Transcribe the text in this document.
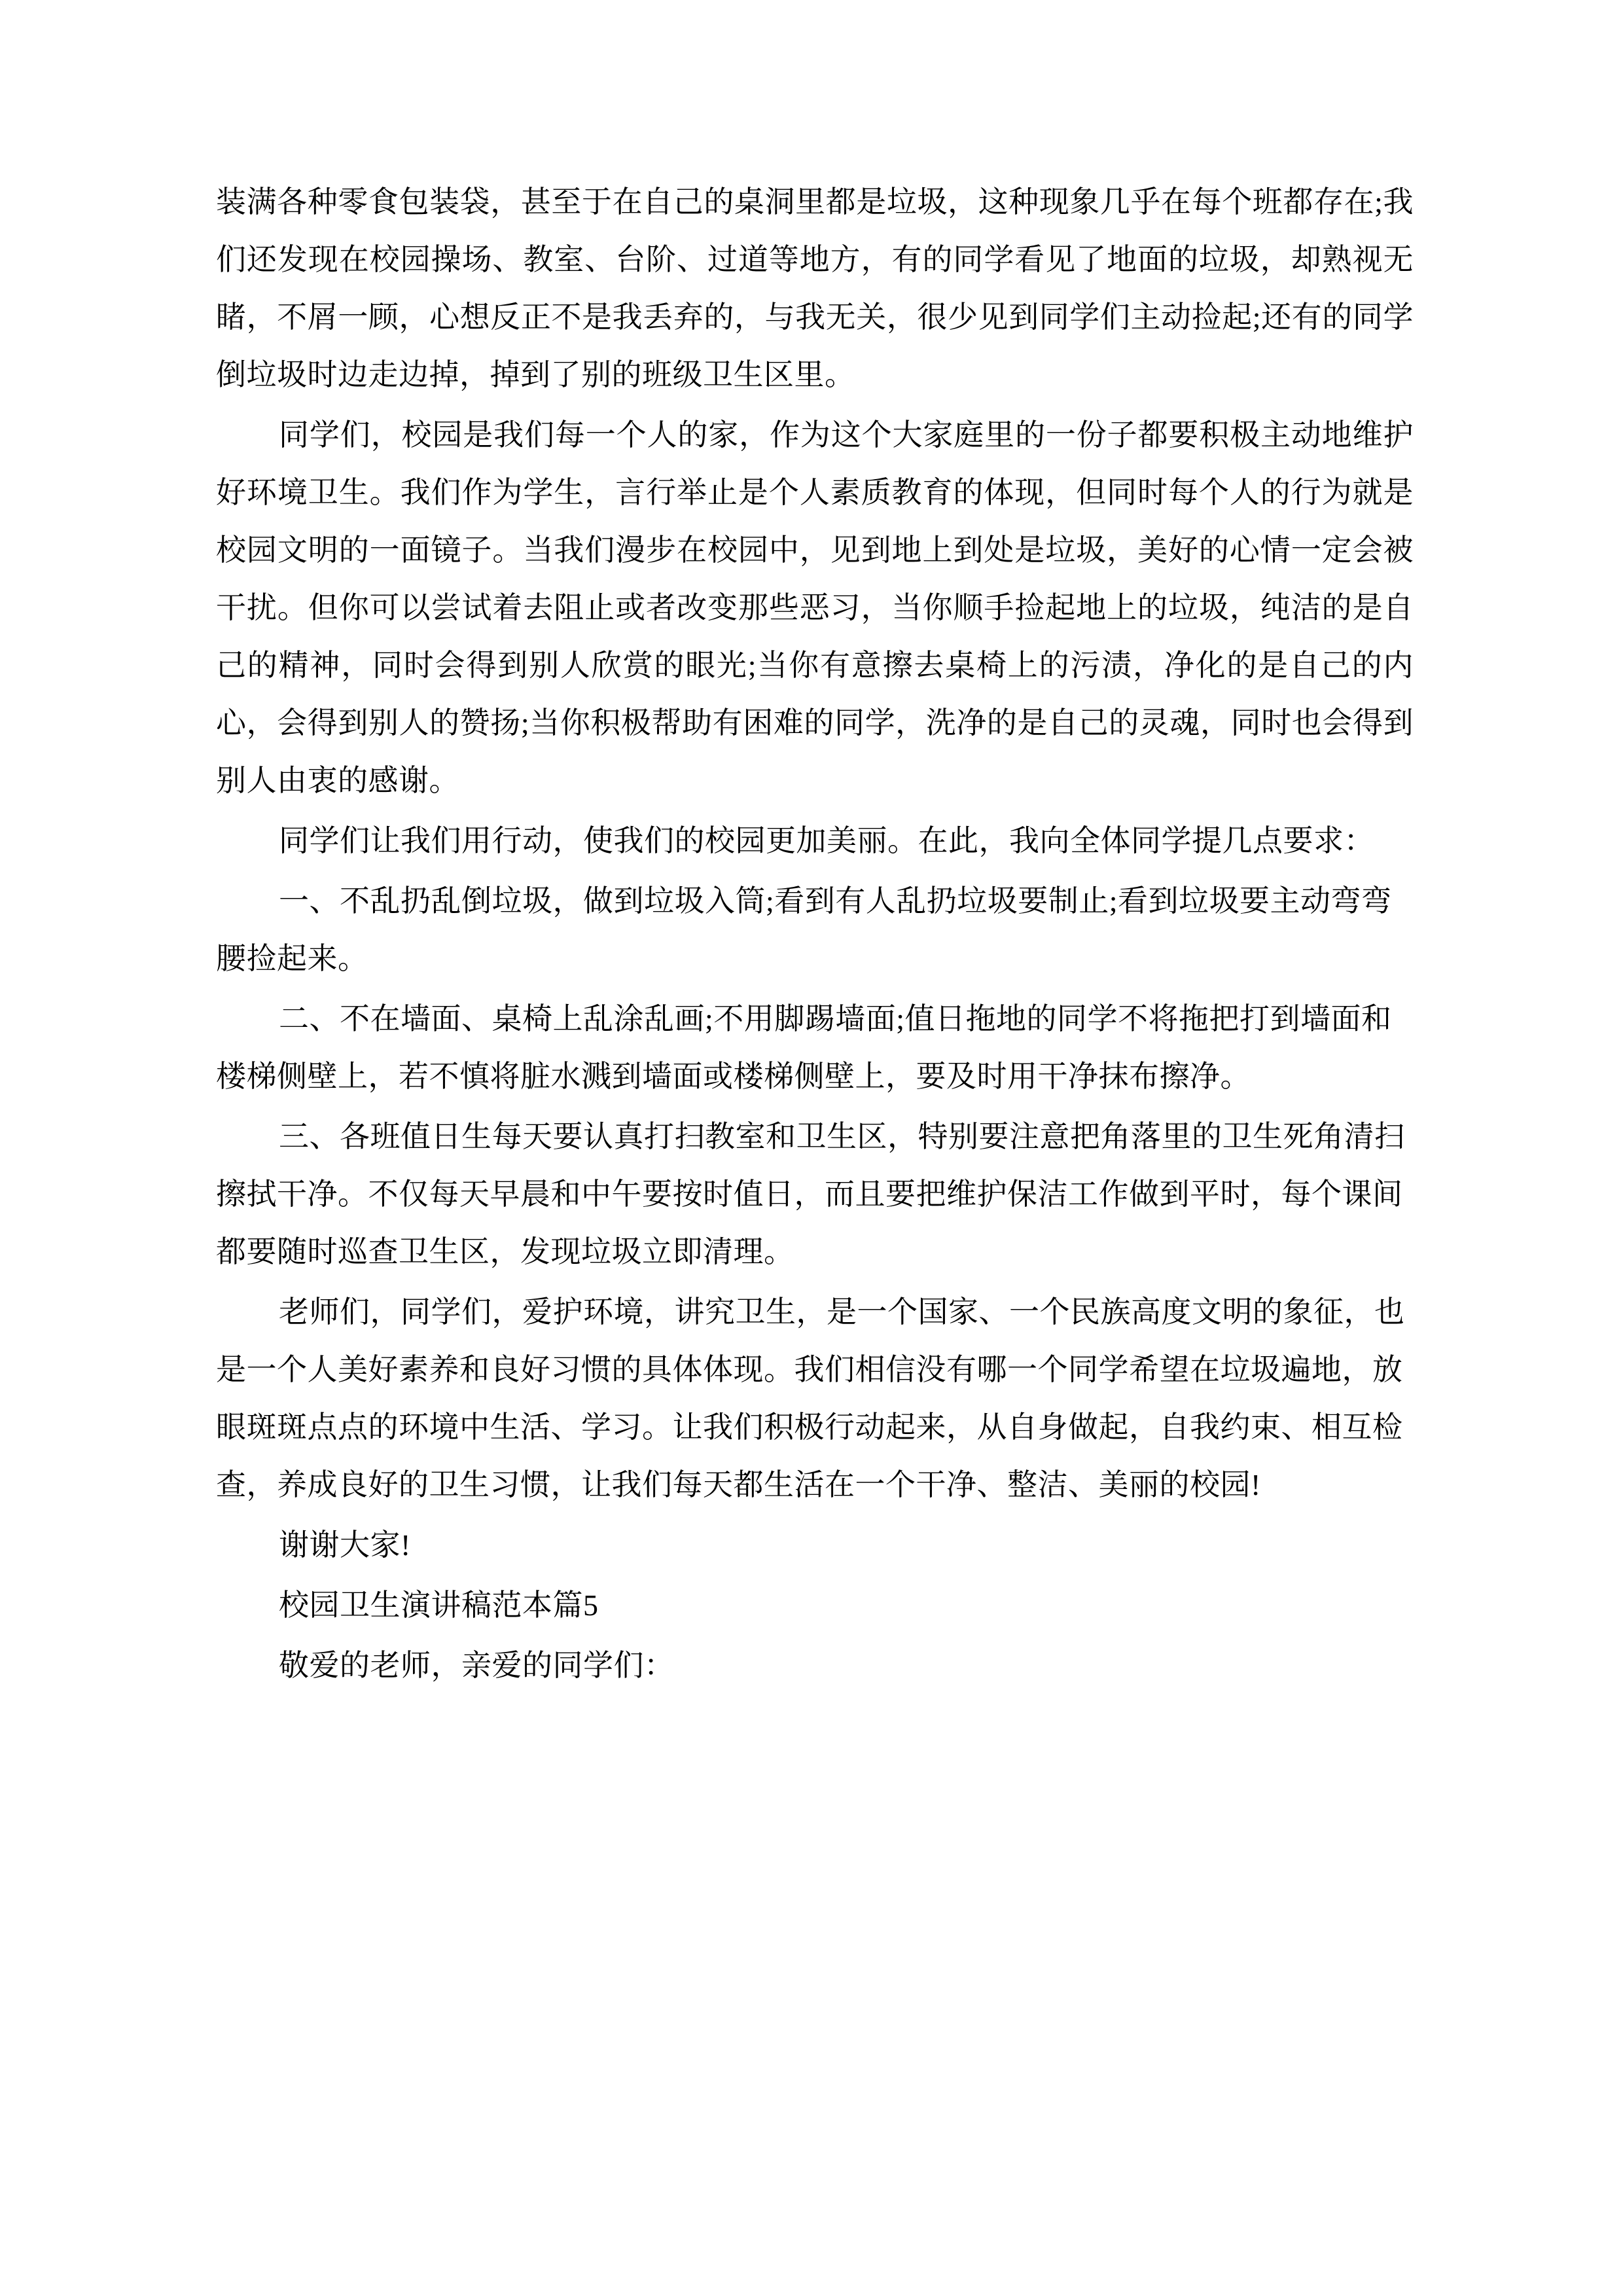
装满各种零食包装袋，甚至于在自己的桌洞里都是垃圾，这种现象几乎在每个班都存在;我们还发现在校园操场、教室、台阶、过道等地方，有的同学看见了地面的垃圾，却熟视无睹，不屑一顾，心想反正不是我丢弃的，与我无关，很少见到同学们主动捡起;还有的同学倒垃圾时边走边掉，掉到了别的班级卫生区里。

同学们，校园是我们每一个人的家，作为这个大家庭里的一份子都要积极主动地维护好环境卫生。我们作为学生，言行举止是个人素质教育的体现，但同时每个人的行为就是校园文明的一面镜子。当我们漫步在校园中，见到地上到处是垃圾，美好的心情一定会被干扰。但你可以尝试着去阻止或者改变那些恶习，当你顺手捡起地上的垃圾，纯洁的是自己的精神，同时会得到别人欣赏的眼光;当你有意擦去桌椅上的污渍，净化的是自己的内心，会得到别人的赞扬;当你积极帮助有困难的同学，洗净的是自己的灵魂，同时也会得到别人由衷的感谢。

同学们让我们用行动，使我们的校园更加美丽。在此，我向全体同学提几点要求：

一、不乱扔乱倒垃圾，做到垃圾入筒;看到有人乱扔垃圾要制止;看到垃圾要主动弯弯腰捡起来。

二、不在墙面、桌椅上乱涂乱画;不用脚踢墙面;值日拖地的同学不将拖把打到墙面和楼梯侧壁上，若不慎将脏水溅到墙面或楼梯侧壁上，要及时用干净抹布擦净。

三、各班值日生每天要认真打扫教室和卫生区，特别要注意把角落里的卫生死角清扫擦拭干净。不仅每天早晨和中午要按时值日，而且要把维护保洁工作做到平时，每个课间都要随时巡查卫生区，发现垃圾立即清理。

老师们，同学们，爱护环境，讲究卫生，是一个国家、一个民族高度文明的象征，也是一个人美好素养和良好习惯的具体体现。我们相信没有哪一个同学希望在垃圾遍地，放眼斑斑点点的环境中生活、学习。让我们积极行动起来，从自身做起，自我约束、相互检查，养成良好的卫生习惯，让我们每天都生活在一个干净、整洁、美丽的校园!

谢谢大家!

校园卫生演讲稿范本篇5

敬爱的老师，亲爱的同学们：
